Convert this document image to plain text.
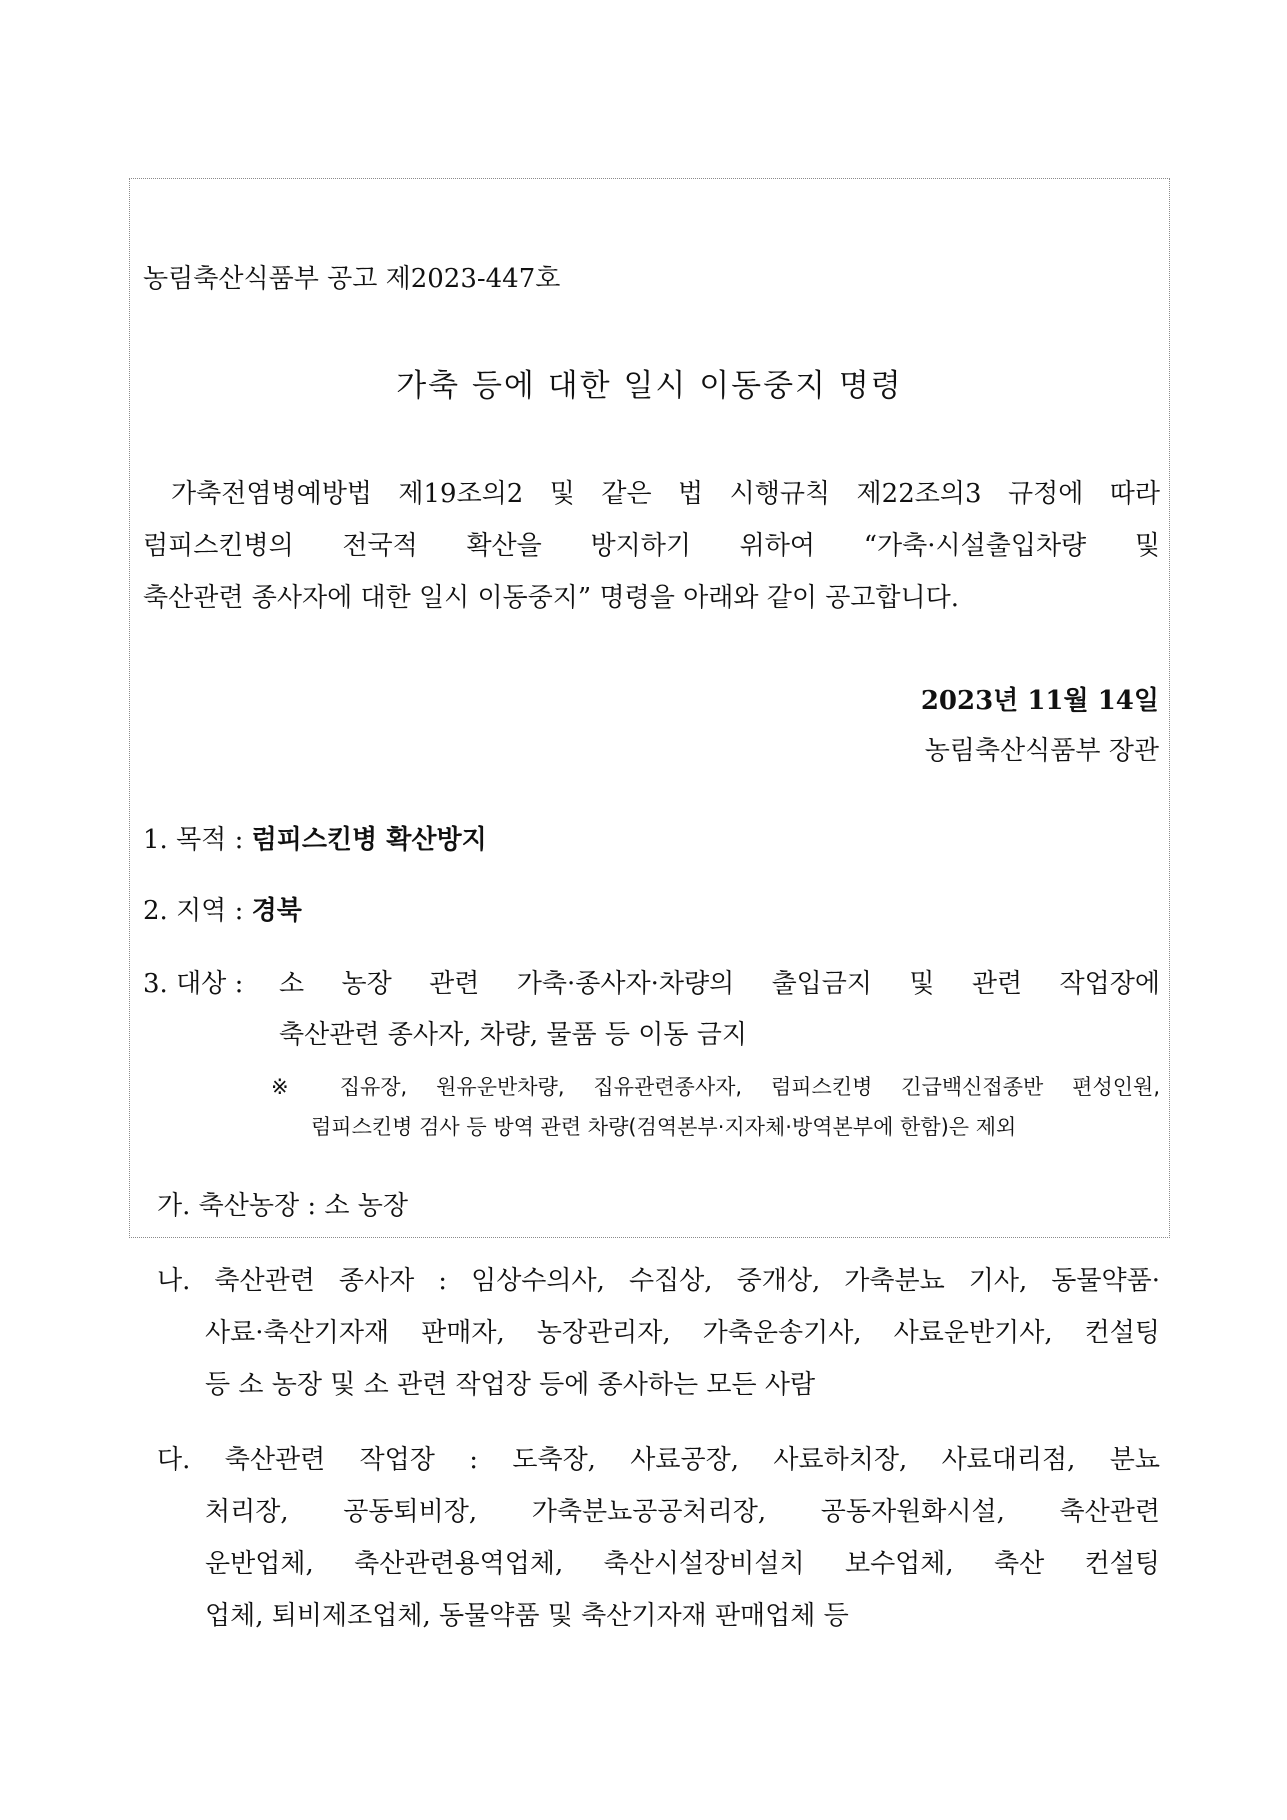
농림축산식품부 공고 제2023-447호
가축 등에 대한 일시 이동중지 명령
가축전염병예방법 제19조의2 및 같은 법 시행규칙 제22조의3 규정에 따라
럼피스킨병의 전국적 확산을 방지하기 위하여 “가축·시설출입차량 및
축산관련 종사자에 대한 일시 이동중지” 명령을 아래와 같이 공고합니다.
2023년 11월 14일
농림축산식품부 장관
1. 목적 : 럼피스킨병 확산방지
2. 지역 : 경북
3. 대상 : 소 농장 관련 가축·종사자·차량의 출입금지 및 관련 작업장에
축산관련 종사자, 차량, 물품 등 이동 금지
※ 집유장, 원유운반차량, 집유관련종사자, 럼피스킨병 긴급백신접종반 편성인원,
럼피스킨병 검사 등 방역 관련 차량(검역본부·지자체·방역본부에 한함)은 제외
가. 축산농장 : 소 농장
나. 축산관련 종사자 : 임상수의사, 수집상, 중개상, 가축분뇨 기사, 동물약품·
사료·축산기자재 판매자, 농장관리자, 가축운송기사, 사료운반기사, 컨설팅
등 소 농장 및 소 관련 작업장 등에 종사하는 모든 사람
다. 축산관련 작업장 : 도축장, 사료공장, 사료하치장, 사료대리점, 분뇨
처리장, 공동퇴비장, 가축분뇨공공처리장, 공동자원화시설, 축산관련
운반업체, 축산관련용역업체, 축산시설장비설치 보수업체, 축산 컨설팅
업체, 퇴비제조업체, 동물약품 및 축산기자재 판매업체 등
